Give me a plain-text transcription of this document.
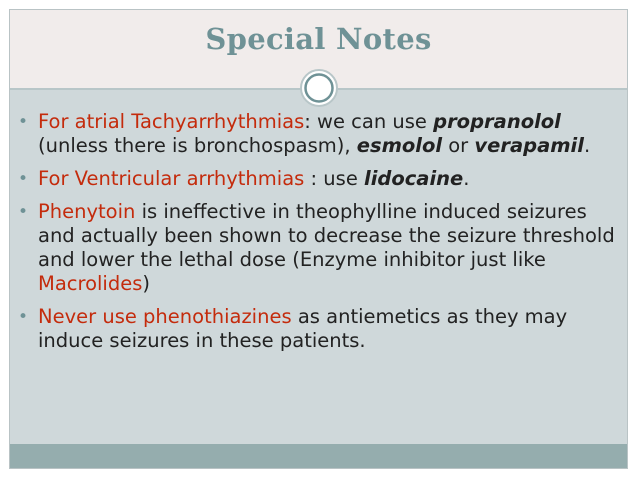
Special Notes
• For atrial Tachyarrhythmias: we can use propranolol (unless there is bronchospasm), esmolol or verapamil.
• For Ventricular arrhythmias : use lidocaine.
• Phenytoin is ineffective in theophylline induced seizures and actually been shown to decrease the seizure threshold and lower the lethal dose (Enzyme inhibitor just like Macrolides)
• Never use phenothiazines as antiemetics as they may induce seizures in these patients.
